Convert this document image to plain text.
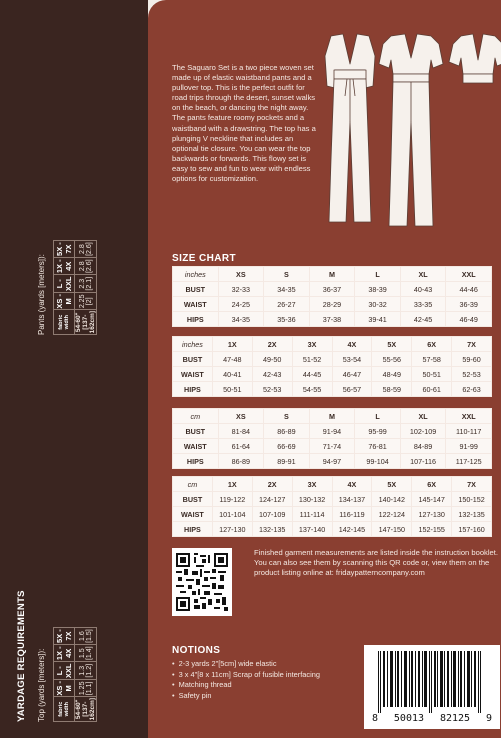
YARDAGE REQUIREMENTS Top (yards [meters]):
Pants (yards [meters]):
fabric width	XS - M	L - XXL	1X - 4X	5X - 7X
54-60" [137-162cm]	1.25 [1.1]	1.3 [1.2]	1.5 [1.4]	1.6 [1.5]
fabric width	XS - M	L - XXL	1X - 4X	5X - 7X
54-60" [137-162cm]	2.25 [2]	2.3 [2.1]	2.8 [2.6]	2.8 [2.6]
The Saguaro Set is a two piece woven set made up of elastic waistband pants and a pullover top. This is the perfect outfit for road trips through the desert, sunset walks on the beach, or dancing the night away. The pants feature roomy pockets and a waistband with a drawstring. The top has a plunging V neckline that includes an optional tie closure. You can wear the top backwards or forwards. This flowy set is easy to sew and fun to wear with endless options for customization.
SIZE CHART
inches	XS	S	M	L	XL	XXL
BUST	32-33	34-35	36-37	38-39	40-43	44-46
WAIST	24-25	26-27	28-29	30-32	33-35	36-39
HIPS	34-35	35-36	37-38	39-41	42-45	46-49
inches	1X	2X	3X	4X	5X	6X	7X
BUST	47-48	49-50	51-52	53-54	55-56	57-58	59-60
WAIST	40-41	42-43	44-45	46-47	48-49	50-51	52-53
HIPS	50-51	52-53	54-55	56-57	58-59	60-61	62-63
cm	XS	S	M	L	XL	XXL
BUST	81-84	86-89	91-94	95-99	102-109	110-117
WAIST	61-64	66-69	71-74	76-81	84-89	91-99
HIPS	86-89	89-91	94-97	99-104	107-116	117-125
cm	1X	2X	3X	4X	5X	6X	7X
BUST	119-122	124-127	130-132	134-137	140-142	145-147	150-152
WAIST	101-104	107-109	111-114	116-119	122-124	127-130	132-135
HIPS	127-130	132-135	137-140	142-145	147-150	152-155	157-160
Finished garment measurements are listed inside the instruction booklet. You can also see them by scanning this QR code or, view them on the product listing online at: fridaypatterncompany.com
NOTIONS
• 2-3 yards 2"[5cm] wide elastic
• 3 x 4"[8 x 11cm] Scrap of fusible interfacing
• Matching thread
• Safety pin
8 50013 82125 9
